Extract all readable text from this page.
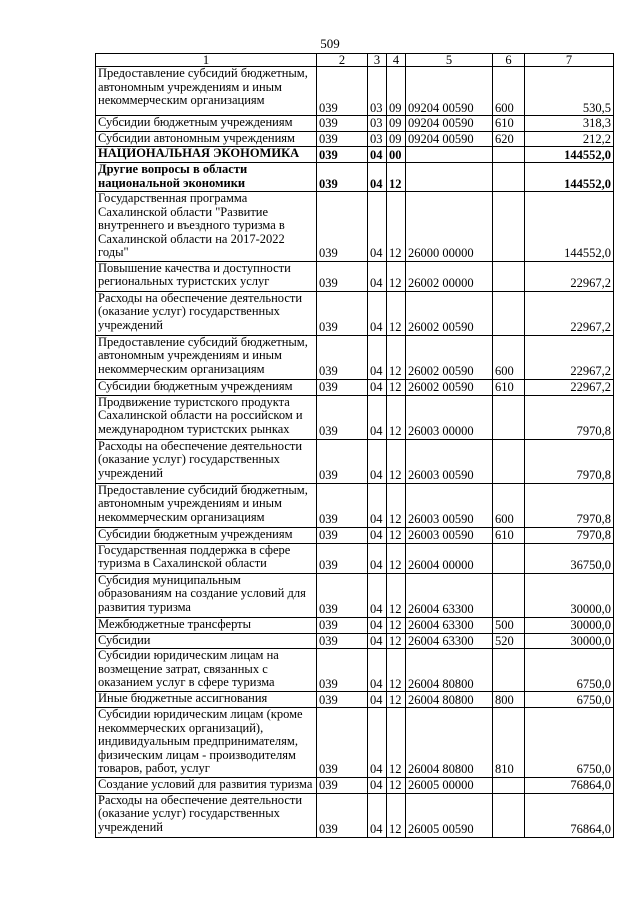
509
1	2	3	4	5	6	7
Предоставление субсидий бюджетным, автономным учреждениям и иным некоммерческим организациям	039	03	09	09204 00590	600	530,5
Субсидии бюджетным учреждениям	039	03	09	09204 00590	610	318,3
Субсидии автономным учреждениям	039	03	09	09204 00590	620	212,2
НАЦИОНАЛЬНАЯ ЭКОНОМИКА	039	04	00			144552,0
Другие вопросы в области национальной экономики	039	04	12			144552,0
Государственная программа Сахалинской области "Развитие внутреннего и въездного туризма в Сахалинской области на 2017-2022 годы"	039	04	12	26000 00000		144552,0
Повышение качества и доступности региональных туристских услуг	039	04	12	26002 00000		22967,2
Расходы на обеспечение деятельности (оказание услуг) государственных учреждений	039	04	12	26002 00590		22967,2
Предоставление субсидий бюджетным, автономным учреждениям и иным некоммерческим организациям	039	04	12	26002 00590	600	22967,2
Субсидии бюджетным учреждениям	039	04	12	26002 00590	610	22967,2
Продвижение туристского продукта Сахалинской области на российском и международном туристских рынках	039	04	12	26003 00000		7970,8
Расходы на обеспечение деятельности (оказание услуг) государственных учреждений	039	04	12	26003 00590		7970,8
Предоставление субсидий бюджетным, автономным учреждениям и иным некоммерческим организациям	039	04	12	26003 00590	600	7970,8
Субсидии бюджетным учреждениям	039	04	12	26003 00590	610	7970,8
Государственная поддержка в сфере туризма в Сахалинской области	039	04	12	26004 00000		36750,0
Субсидия муниципальным образованиям на создание условий для развития туризма	039	04	12	26004 63300		30000,0
Межбюджетные трансферты	039	04	12	26004 63300	500	30000,0
Субсидии	039	04	12	26004 63300	520	30000,0
Субсидии юридическим лицам на возмещение затрат, связанных с оказанием услуг в сфере туризма	039	04	12	26004 80800		6750,0
Иные бюджетные ассигнования	039	04	12	26004 80800	800	6750,0
Субсидии юридическим лицам (кроме некоммерческих организаций), индивидуальным предпринимателям, физическим лицам - производителям товаров, работ, услуг	039	04	12	26004 80800	810	6750,0
Создание условий для развития туризма	039	04	12	26005 00000		76864,0
Расходы на обеспечение деятельности (оказание услуг) государственных учреждений	039	04	12	26005 00590		76864,0
